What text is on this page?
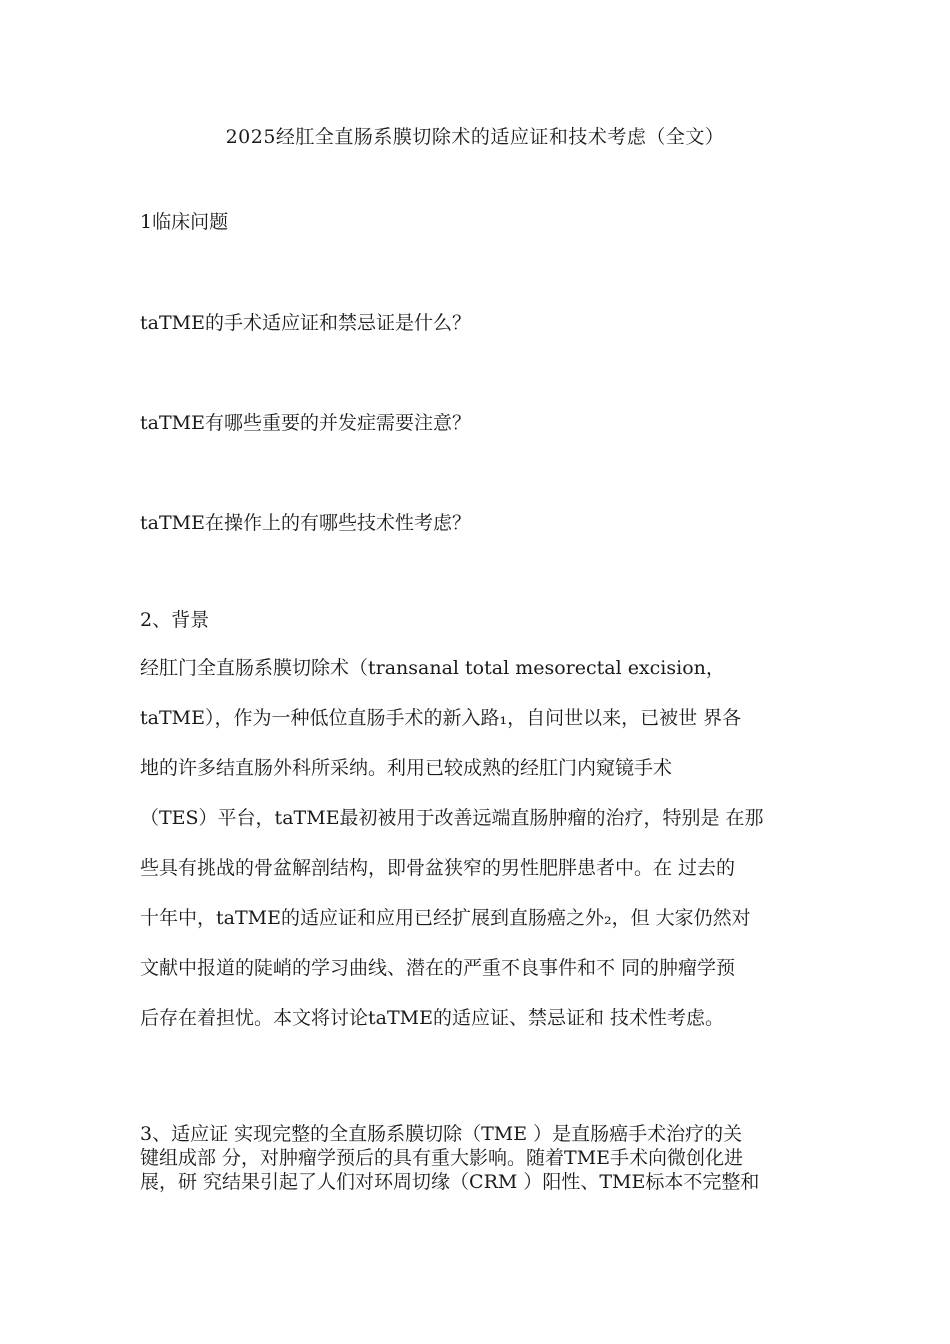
2025经肛全直肠系膜切除术的适应证和技术考虑（全文）
1临床问题
taTME的手术适应证和禁忌证是什么？
taTME有哪些重要的并发症需要注意？
taTME在操作上的有哪些技术性考虑？
2、背景

经肛门全直肠系膜切除术（transanal total mesorectal excision，

taTME），作为一种低位直肠手术的新入路₁，自问世以来，已被世 界各

地的许多结直肠外科所采纳。利用已较成熟的经肛门内窥镜手术

（TES）平台，taTME最初被用于改善远端直肠肿瘤的治疗，特别是 在那

些具有挑战的骨盆解剖结构，即骨盆狭窄的男性肥胖患者中。在 过去的

十年中，taTME的适应证和应用已经扩展到直肠癌之外₂，但 大家仍然对

文献中报道的陡峭的学习曲线、潜在的严重不良事件和不 同的肿瘤学预

后存在着担忧。本文将讨论taTME的适应证、禁忌证和 技术性考虑。

3、适应证 实现完整的全直肠系膜切除（TME ）是直肠癌手术治疗的关

键组成部 分，对肿瘤学预后的具有重大影响。随着TME手术向微创化进

展，研 究结果引起了人们对环周切缘（CRM ）阳性、TME标本不完整和
